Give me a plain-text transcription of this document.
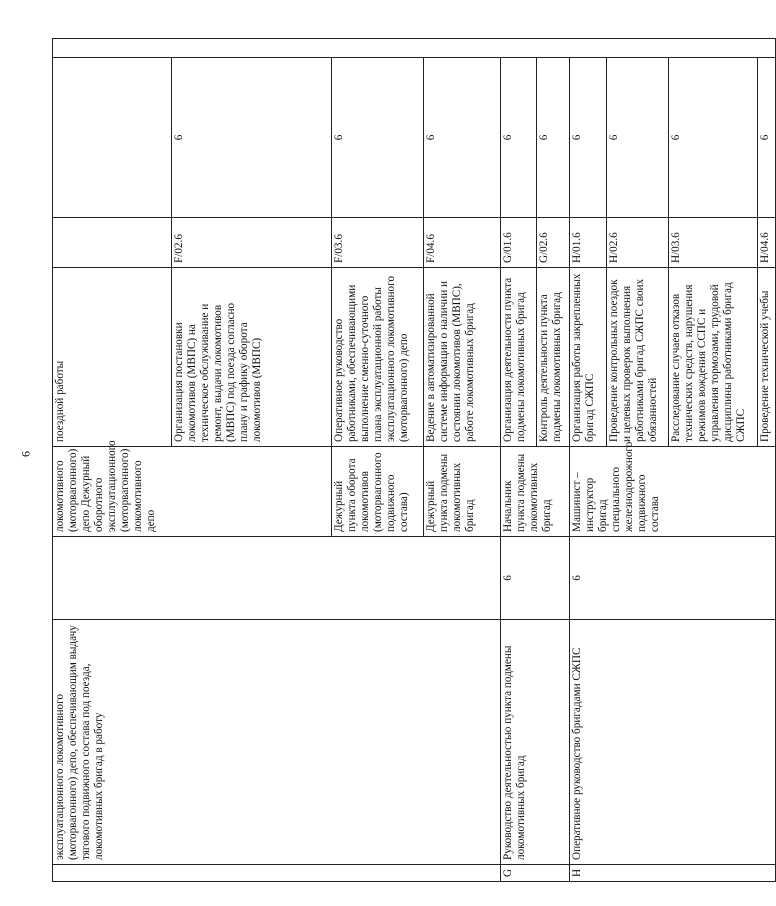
6
	эксплуатационного локомотивного (моторвагонного) депо, обеспечивающим выдачу тягового подвижного состава под поезда, локомотивных бригад в работу		локомотивного (моторвагонного) депо Дежурный оборотного эксплуатационного (моторвагонного) локомотивного депо	поездной работы			
				Организация постановки локомотивов (МВПС) на техническое обслуживание и ремонт, выдачи локомотивов (МВПС) под поезда согласно плану и графику оборота локомотивов (МВПС)	F/02.6	6	
			Дежурный пункта оборота локомотивов (моторвагонного подвижного состава)	Оперативное руководство работниками, обеспечивающими выполнение сменно-суточного плана эксплуатационной работы эксплуатационного локомотивного (моторвагонного) депо	F/03.6	6	
			Дежурный пункта подмены локомотивных бригад	Ведение в автоматизированной системе информации о наличии и состоянии локомотивов (МВПС), работе локомотивных бригад	F/04.6	6	
G	Руководство деятельностью пункта подмены локомотивных бригад	6	Начальник пункта подмены локомотивных бригад	Организация деятельности пункта подмены локомотивных бригад	G/01.6	6	
				Контроль деятельности пункта подмены локомотивных бригад	G/02.6	6	
H	Оперативное руководство бригадами СЖПС	6	Машинист – инструктор бригад специального железнодорожного подвижного состава	Организация работы закрепленных бригад СЖПС	H/01.6	6	
				Проведение контрольных поездок и целевых проверок выполнения работниками бригад СЖПС своих обязанностей	H/02.6	6	
				Расследование случаев отказов технических средств, нарушения режимов вождения ССПС и управления тормозами, трудовой дисциплины работниками бригад СЖПС	H/03.6	6	
				Проведение технической учебы	H/04.6	6	
